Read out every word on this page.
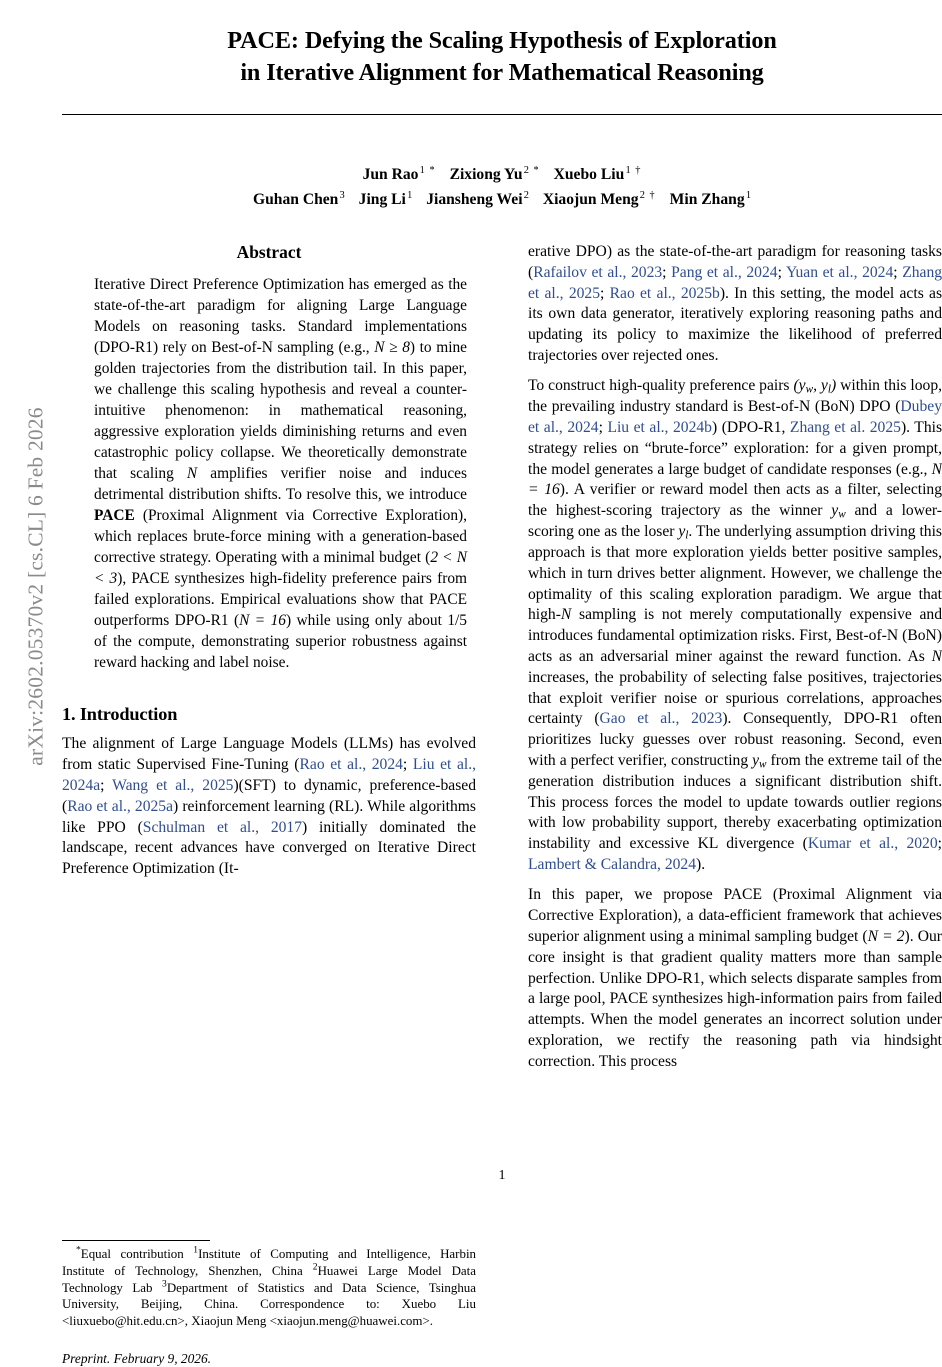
arXiv:2602.05370v2 [cs.CL] 6 Feb 2026
PACE: Defying the Scaling Hypothesis of Exploration
in Iterative Alignment for Mathematical Reasoning
Jun Rao$^{1 *}$ Zixiong $Yu^{2 *}$ Xuebo Liu$^{1 \dagger}$
Guhan Chen$^3$ Jing Li$^1$ Jiansheng Wei$^2$ Xiaojun Meng$^{2 \dagger}$ Min Zhang$^1$
Abstract

Iterative Direct Preference Optimization has emerged as the state-of-the-art paradigm for aligning Large Language Models on reasoning tasks. Standard implementations (DPO-R1) rely on Best-of-N sampling (e.g., N ≥ 8) to mine golden trajectories from the distribution tail. In this paper, we challenge this scaling hypothesis and reveal a counter-intuitive phenomenon: in mathematical reasoning, aggressive exploration yields diminishing returns and even catastrophic policy collapse. We theoretically demonstrate that scaling N amplifies verifier noise and induces detrimental distribution shifts. To resolve this, we introduce PACE (Proximal Alignment via Corrective Exploration), which replaces brute-force mining with a generation-based corrective strategy. Operating with a minimal budget (2 < N < 3), PACE synthesizes high-fidelity preference pairs from failed explorations. Empirical evaluations show that PACE outperforms DPO-R1 (N = 16) while using only about 1/5 of the compute, demonstrating superior robustness against reward hacking and label noise.

1. Introduction

The alignment of Large Language Models (LLMs) has evolved from static Supervised Fine-Tuning (Rao et al., 2024; Liu et al., 2024a; Wang et al., 2025)(SFT) to dynamic, preference-based (Rao et al., 2025a) reinforcement learning (RL). While algorithms like PPO (Schulman et al., 2017) initially dominated the landscape, recent advances have converged on Iterative Direct Preference Optimization (It-

*Equal contribution $^1$Institute of Computing and Intelligence, Harbin Institute of Technology, Shenzhen, China $^2$Huawei Large Model Data Technology Lab $^3$Department of Statistics and Data Science, Tsinghua University, Beijing, China. Correspondence to: Xuebo Liu <liuxuebo@hit.edu.cn>, Xiaojun Meng <xiaojun.meng@huawei.com>.
Preprint. February 9, 2026.

erative DPO) as the state-of-the-art paradigm for reasoning tasks (Rafailov et al., 2023; Pang et al., 2024; Yuan et al., 2024; Zhang et al., 2025; Rao et al., 2025b). In this setting, the model acts as its own data generator, iteratively exploring reasoning paths and updating its policy to maximize the likelihood of preferred trajectories over rejected ones.

To construct high-quality preference pairs ($y_w$, $y_l$) within this loop, the prevailing industry standard is Best-of-N (BoN) DPO (Dubey et al., 2024; Liu et al., 2024b) (DPO-R1, Zhang et al. 2025). This strategy relies on “brute-force” exploration: for a given prompt, the model generates a large budget of candidate responses (e.g., N = 16). A verifier or reward model then acts as a filter, selecting the highest-scoring trajectory as the winner $y_w$ and a lower-scoring one as the loser $y_l$. The underlying assumption driving this approach is that more exploration yields better positive samples, which in turn drives better alignment. However, we challenge the optimality of this scaling exploration paradigm. We argue that high-N sampling is not merely computationally expensive and introduces fundamental optimization risks. First, Best-of-N (BoN) acts as an adversarial miner against the reward function. As N increases, the probability of selecting false positives, trajectories that exploit verifier noise or spurious correlations, approaches certainty (Gao et al., 2023). Consequently, DPO-R1 often prioritizes lucky guesses over robust reasoning. Second, even with a perfect verifier, constructing $y_w$ from the extreme tail of the generation distribution induces a significant distribution shift. This process forces the model to update towards outlier regions with low probability support, thereby exacerbating optimization instability and excessive KL divergence (Kumar et al., 2020; Lambert & Calandra, 2024).

In this paper, we propose PACE (Proximal Alignment via Corrective Exploration), a data-efficient framework that achieves superior alignment using a minimal sampling budget (N = 2). Our core insight is that gradient quality matters more than sample perfection. Unlike DPO-R1, which selects disparate samples from a large pool, PACE synthesizes high-information pairs from failed attempts. When the model generates an incorrect solution under exploration, we rectify the reasoning path via hindsight correction. This process

1
